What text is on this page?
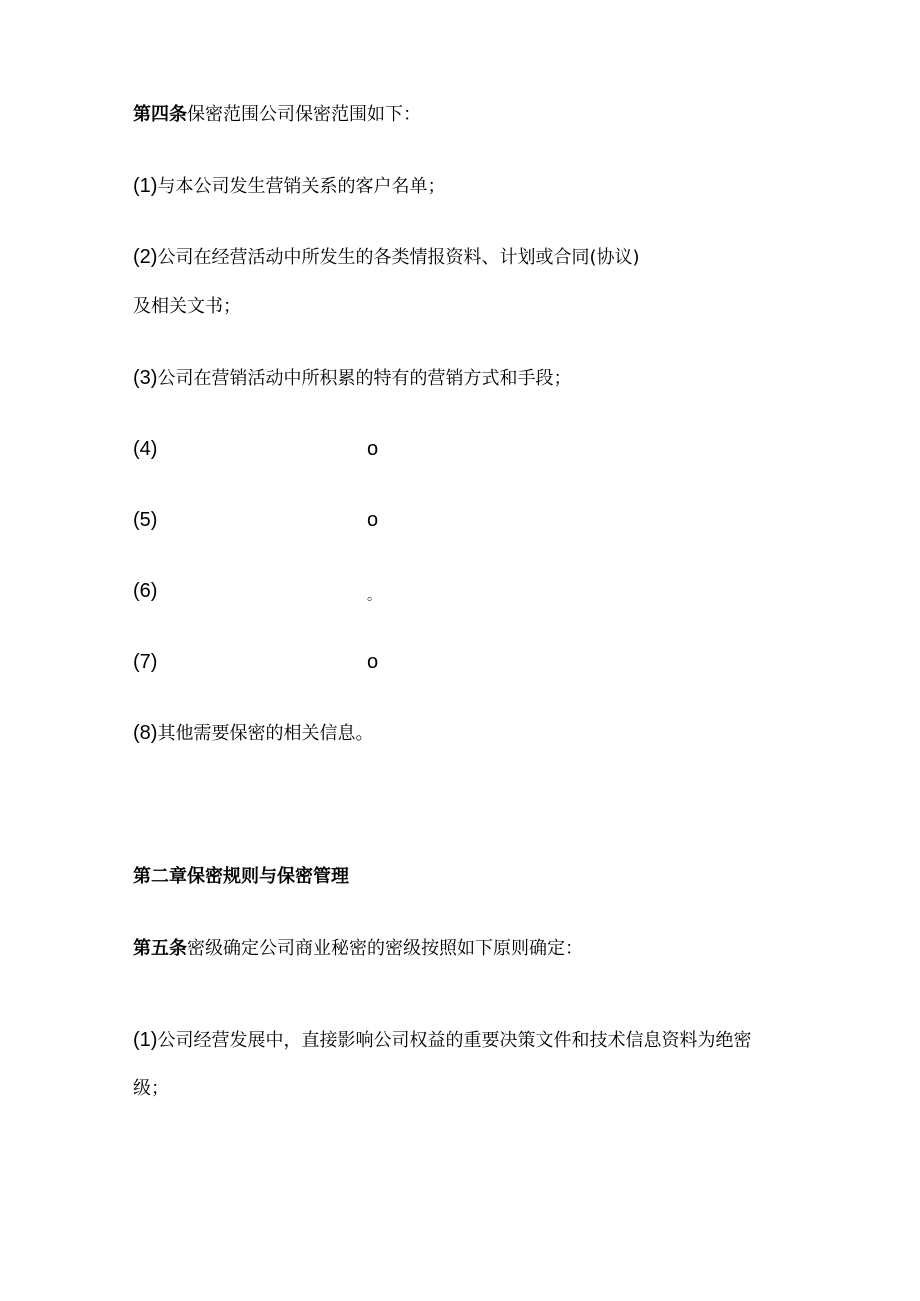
第四条保密范围公司保密范围如下：
(1)与本公司发生营销关系的客户名单；
(2)公司在经营活动中所发生的各类情报资料、计划或合同(协议)
及相关文书；
(3)公司在营销活动中所积累的特有的营销方式和手段；
(4)	o
(5)	o
(6)	。
(7)	o
(8)其他需要保密的相关信息。
第二章保密规则与保密管理
第五条密级确定公司商业秘密的密级按照如下原则确定：
(1)公司经营发展中，直接影响公司权益的重要决策文件和技术信息资料为绝密
级；
